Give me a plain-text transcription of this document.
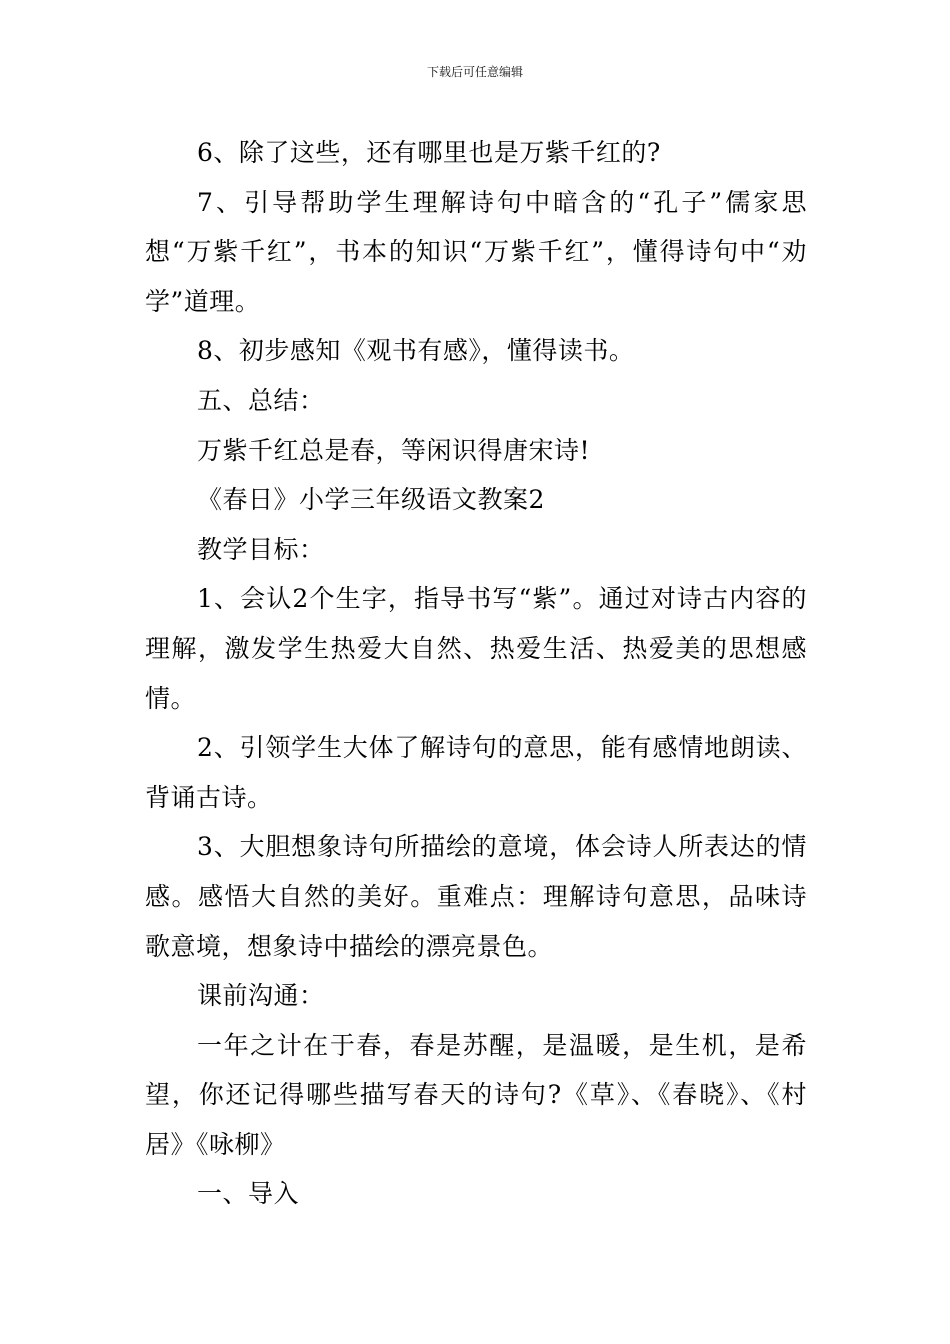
下载后可任意编辑

6、除了这些，还有哪里也是万紫千红的?

7、引导帮助学生理解诗句中暗含的“孔子”儒家思想“万紫千红”，书本的知识“万紫千红”，懂得诗句中“劝学”道理。

8、初步感知《观书有感》，懂得读书。

五、总结：

万紫千红总是春，等闲识得唐宋诗!

《春日》小学三年级语文教案2

教学目标：

1、会认2个生字，指导书写“紫”。通过对诗古内容的理解，激发学生热爱大自然、热爱生活、热爱美的思想感情。

2、引领学生大体了解诗句的意思，能有感情地朗读、背诵古诗。

3、大胆想象诗句所描绘的意境，体会诗人所表达的情感。感悟大自然的美好。重难点：理解诗句意思，品味诗歌意境，想象诗中描绘的漂亮景色。

课前沟通：

一年之计在于春，春是苏醒，是温暖，是生机，是希望，你还记得哪些描写春天的诗句?《草》、《春晓》、《村居》《咏柳》

一、导入
